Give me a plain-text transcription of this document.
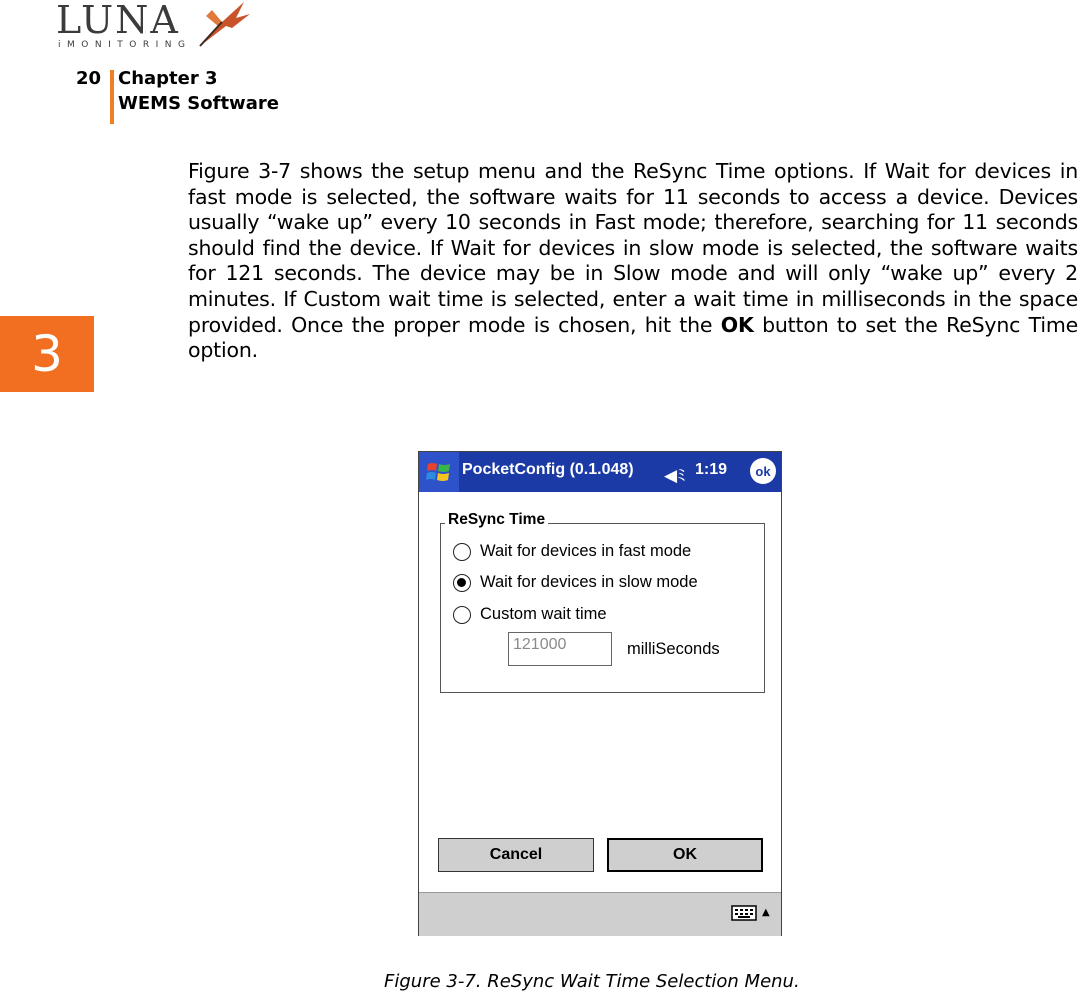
LUNA
iMONITORING
20 Chapter 3
WEMS Software
3
Figure 3-7 shows the setup menu and the ReSync Time options. If Wait for devices in fast mode is selected, the software waits for 11 seconds to access a device. Devices usually “wake up” every 10 seconds in Fast mode; therefore, searching for 11 seconds should find the device. If Wait for devices in slow mode is selected, the software waits for 121 seconds. The device may be in Slow mode and will only “wake up” every 2 minutes. If Custom wait time is selected, enter a wait time in milliseconds in the space provided. Once the proper mode is chosen, hit the OK button to set the ReSync Time option.
PocketConfig (0.1.048) ◀ﾐ 1:19	ok
ReSync Time
Wait for devices in fast mode
Wait for devices in slow mode
Custom wait time
121000	milliSeconds
Cancel	OK
▲
Figure 3-7. ReSync Wait Time Selection Menu.
